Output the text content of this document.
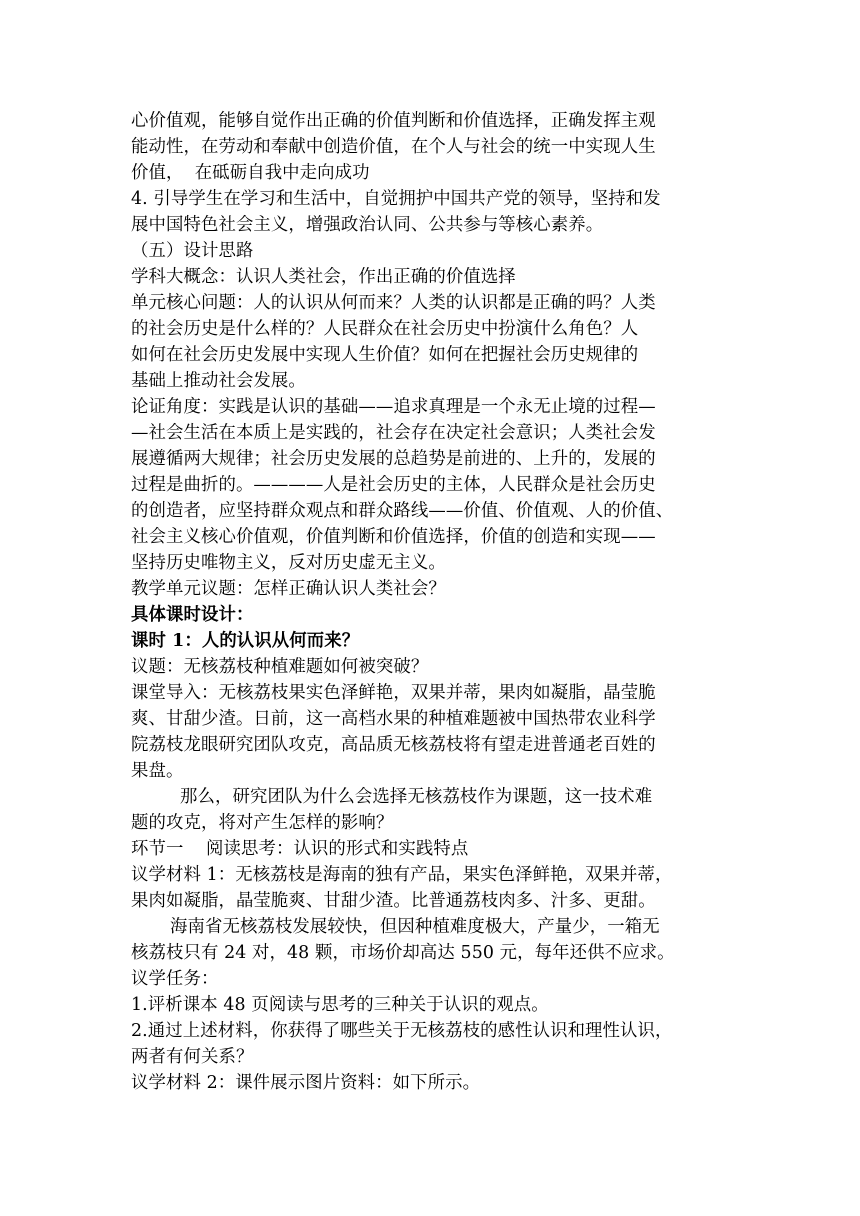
心价值观，能够自觉作出正确的价值判断和价值选择，正确发挥主观
能动性，在劳动和奉献中创造价值，在个人与社会的统一中实现人生
价值，  在砥砺自我中走向成功
4. 引导学生在学习和生活中，自觉拥护中国共产党的领导，坚持和发
展中国特色社会主义，增强政治认同、公共参与等核心素养。
（五）设计思路
学科大概念：认识人类社会，作出正确的价值选择
单元核心问题：人的认识从何而来？人类的认识都是正确的吗？人类
的社会历史是什么样的？人民群众在社会历史中扮演什么角色？人
如何在社会历史发展中实现人生价值？如何在把握社会历史规律的
基础上推动社会发展。
论证角度：实践是认识的基础——追求真理是一个永无止境的过程—
—社会生活在本质上是实践的，社会存在决定社会意识；人类社会发
展遵循两大规律；社会历史发展的总趋势是前进的、上升的，发展的
过程是曲折的。————人是社会历史的主体，人民群众是社会历史
的创造者，应坚持群众观点和群众路线——价值、价值观、人的价值、
社会主义核心价值观，价值判断和价值选择，价值的创造和实现——
坚持历史唯物主义，反对历史虚无主义。
教学单元议题：怎样正确认识人类社会？
具体课时设计：
课时 1：人的认识从何而来？
议题：无核荔枝种植难题如何被突破？
课堂导入：无核荔枝果实色泽鲜艳，双果并蒂，果肉如凝脂，晶莹脆
爽、甘甜少渣。日前，这一高档水果的种植难题被中国热带农业科学
院荔枝龙眼研究团队攻克，高品质无核荔枝将有望走进普通老百姓的
果盘。
那么，研究团队为什么会选择无核荔枝作为课题，这一技术难
题的攻克，将对产生怎样的影响？
环节一    阅读思考：认识的形式和实践特点
议学材料 1：无核荔枝是海南的独有产品，果实色泽鲜艳，双果并蒂，
果肉如凝脂，晶莹脆爽、甘甜少渣。比普通荔枝肉多、汁多、更甜。
海南省无核荔枝发展较快，但因种植难度极大，产量少，一箱无
核荔枝只有 24 对，48 颗，市场价却高达 550 元，每年还供不应求。
议学任务：
1.评析课本 48 页阅读与思考的三种关于认识的观点。
2.通过上述材料，你获得了哪些关于无核荔枝的感性认识和理性认识，
两者有何关系？
议学材料 2：课件展示图片资料：如下所示。
